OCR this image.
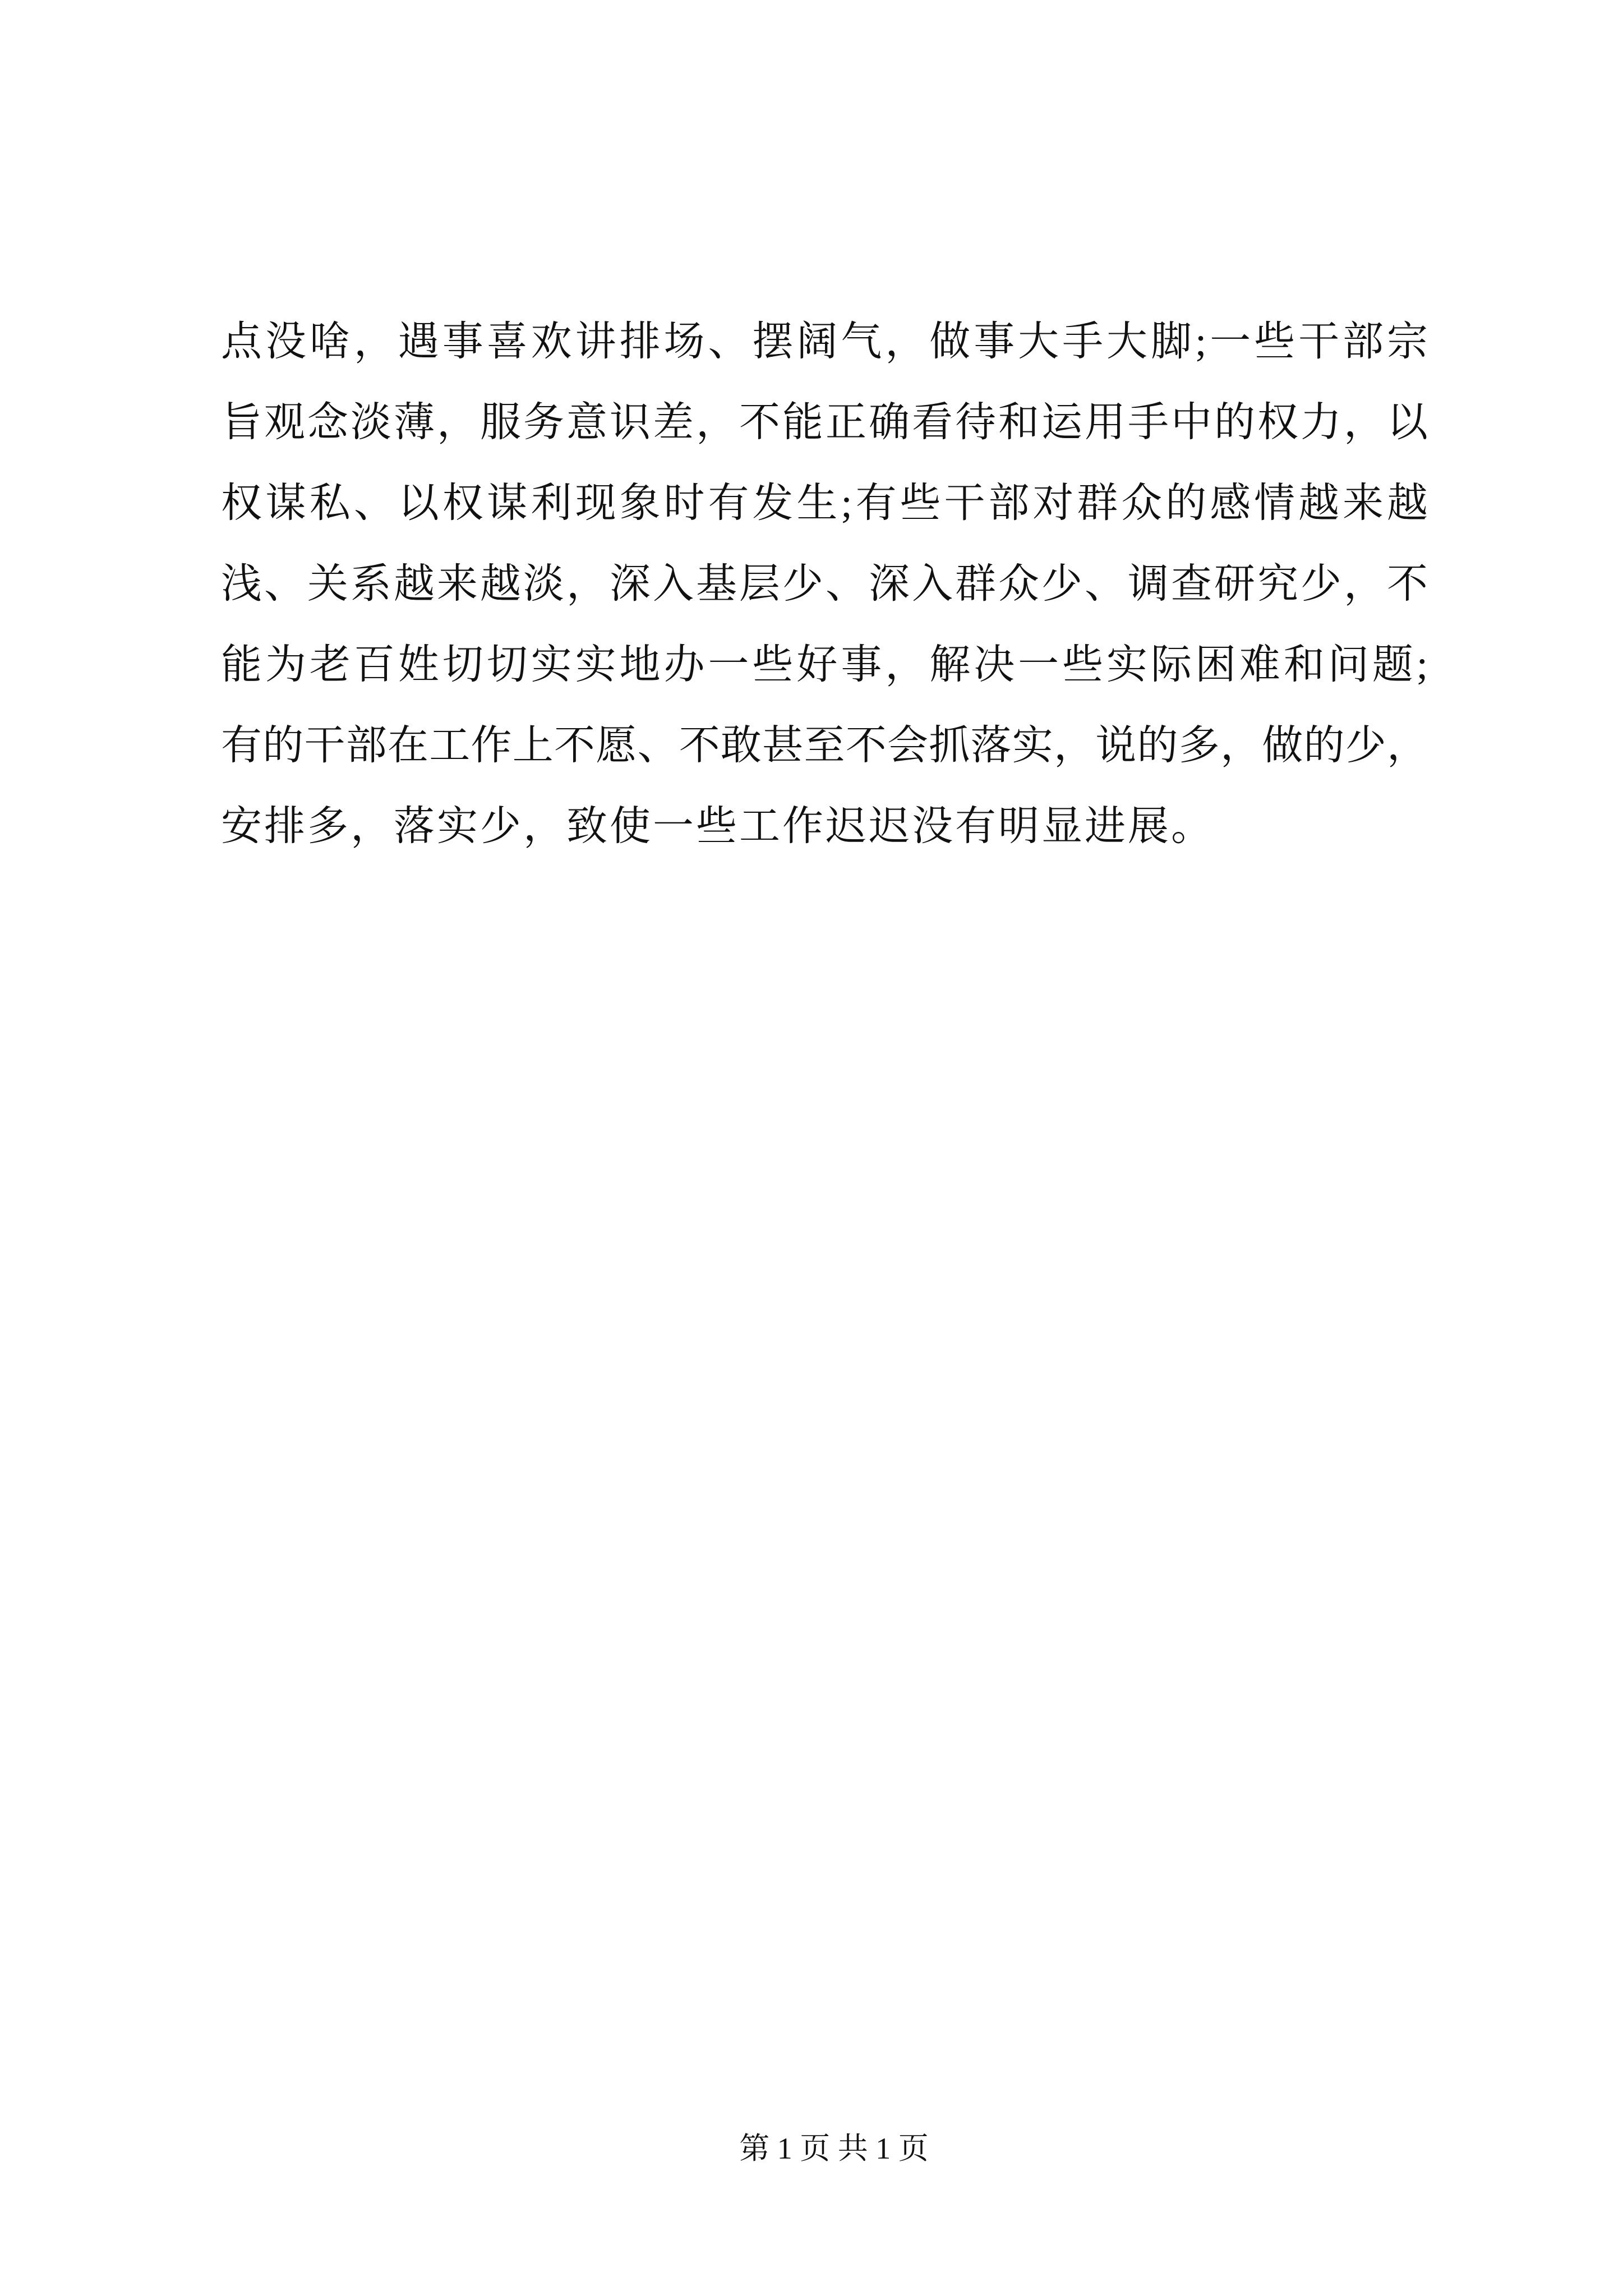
点没啥，遇事喜欢讲排场、摆阔气，做事大手大脚;一些干部宗
旨观念淡薄，服务意识差，不能正确看待和运用手中的权力，以
权谋私、以权谋利现象时有发生;有些干部对群众的感情越来越
浅、关系越来越淡，深入基层少、深入群众少、调查研究少，不
能为老百姓切切实实地办一些好事，解决一些实际困难和问题;
有的干部在工作上不愿、不敢甚至不会抓落实，说的多，做的少，
安排多，落实少，致使一些工作迟迟没有明显进展。
第 1 页 共 1 页
